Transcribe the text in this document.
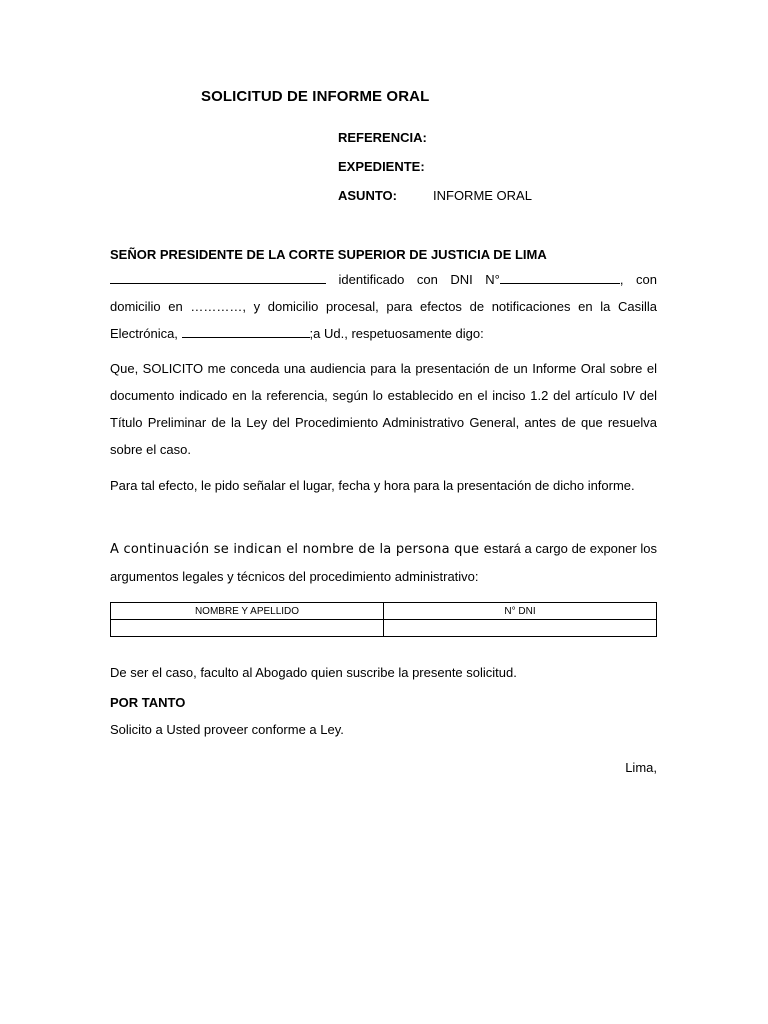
SOLICITUD DE INFORME ORAL
REFERENCIA:
EXPEDIENTE:
ASUNTO:	INFORME ORAL
SEÑOR PRESIDENTE DE LA CORTE SUPERIOR DE JUSTICIA DE LIMA
identificado con DNI N°	, con domicilio en …………, y domicilio procesal, para efectos de notificaciones en la Casilla Electrónica,	;a Ud., respetuosamente digo:
Que, SOLICITO me conceda una audiencia para la presentación de un Informe Oral sobre el documento indicado en la referencia, según lo establecido en el inciso 1.2 del artículo IV del Título Preliminar de la Ley del Procedimiento Administrativo General, antes de que resuelva sobre el caso.
Para tal efecto, le pido señalar el lugar, fecha y hora para la presentación de dicho informe.
A continuación se indican el nombre de la persona que estará a cargo de exponer los argumentos legales y técnicos del procedimiento administrativo:
NOMBRE Y APELLIDO	N° DNI

De ser el caso, faculto al Abogado quien suscribe la presente solicitud.
POR TANTO
Solicito a Usted proveer conforme a Ley.
Lima,
